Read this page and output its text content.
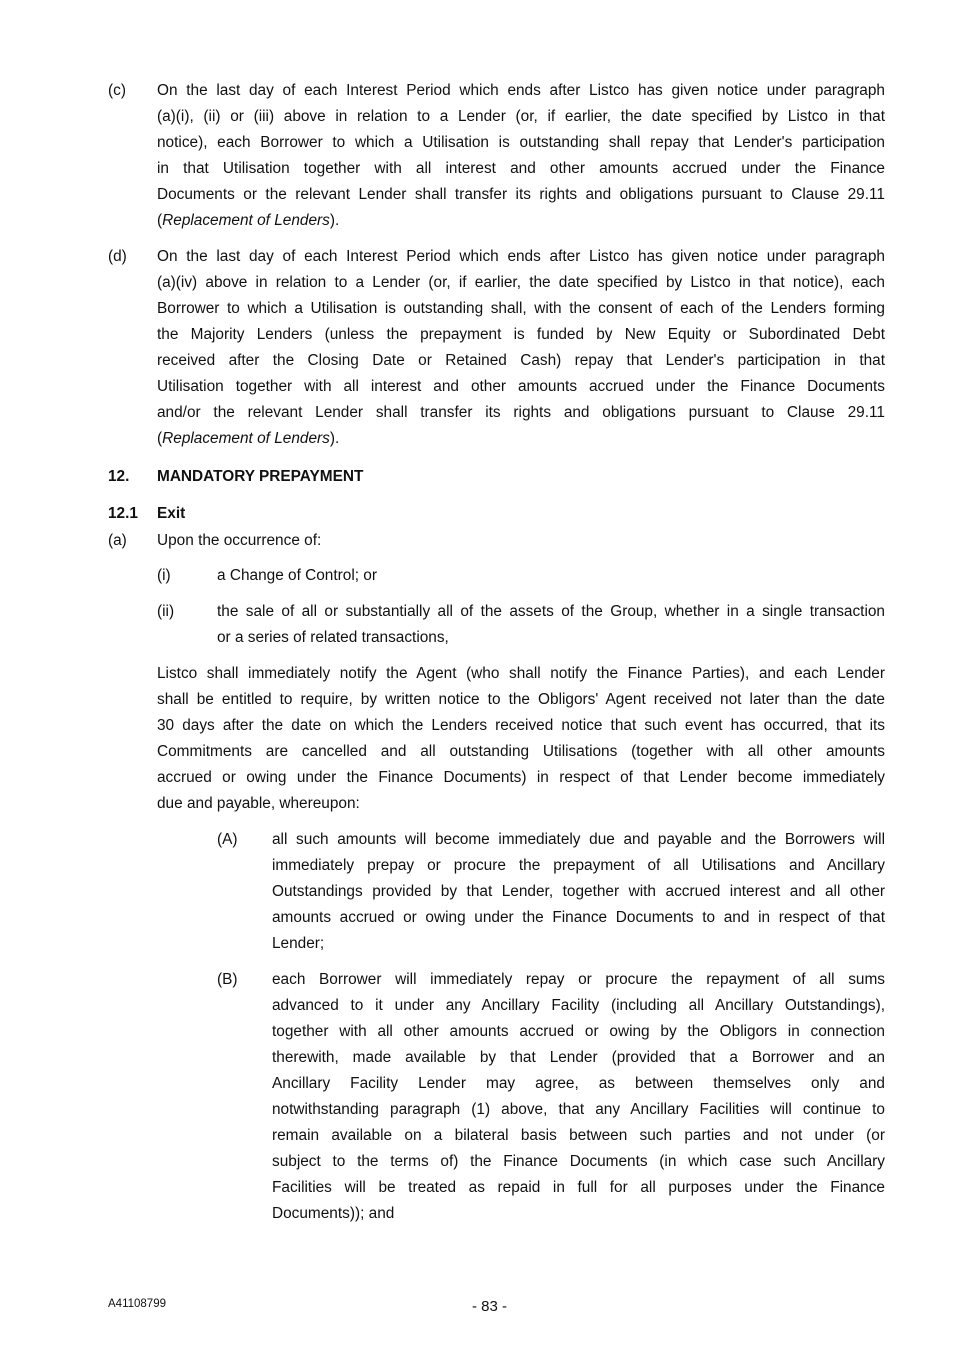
(c) On the last day of each Interest Period which ends after Listco has given notice under paragraph
(a)(i), (ii) or (iii) above in relation to a Lender (or, if earlier, the date specified by Listco in that
notice), each Borrower to which a Utilisation is outstanding shall repay that Lender's participation
in that Utilisation together with all interest and other amounts accrued under the Finance
Documents or the relevant Lender shall transfer its rights and obligations pursuant to Clause 29.11
(Replacement of Lenders).
(d) On the last day of each Interest Period which ends after Listco has given notice under paragraph
(a)(iv) above in relation to a Lender (or, if earlier, the date specified by Listco in that notice), each
Borrower to which a Utilisation is outstanding shall, with the consent of each of the Lenders forming
the Majority Lenders (unless the prepayment is funded by New Equity or Subordinated Debt
received after the Closing Date or Retained Cash) repay that Lender's participation in that
Utilisation together with all interest and other amounts accrued under the Finance Documents
and/or the relevant Lender shall transfer its rights and obligations pursuant to Clause 29.11
(Replacement of Lenders).
12. MANDATORY PREPAYMENT
12.1 Exit
(a) Upon the occurrence of:
(i)	a Change of Control; or
(ii)	the sale of all or substantially all of the assets of the Group, whether in a single transaction
or a series of related transactions,
Listco shall immediately notify the Agent (who shall notify the Finance Parties), and each Lender
shall be entitled to require, by written notice to the Obligors' Agent received not later than the date
30 days after the date on which the Lenders received notice that such event has occurred, that its
Commitments are cancelled and all outstanding Utilisations (together with all other amounts
accrued or owing under the Finance Documents) in respect of that Lender become immediately
due and payable, whereupon:
(A) all such amounts will become immediately due and payable and the Borrowers will
immediately prepay or procure the prepayment of all Utilisations and Ancillary
Outstandings provided by that Lender, together with accrued interest and all other
amounts accrued or owing under the Finance Documents to and in respect of that
Lender;
(B) each Borrower will immediately repay or procure the repayment of all sums
advanced to it under any Ancillary Facility (including all Ancillary Outstandings),
together with all other amounts accrued or owing by the Obligors in connection
therewith, made available by that Lender (provided that a Borrower and an
Ancillary Facility Lender may agree, as between themselves only and
notwithstanding paragraph (1) above, that any Ancillary Facilities will continue to
remain available on a bilateral basis between such parties and not under (or
subject to the terms of) the Finance Documents (in which case such Ancillary
Facilities will be treated as repaid in full for all purposes under the Finance
Documents)); and
A41108799	- 83 -
